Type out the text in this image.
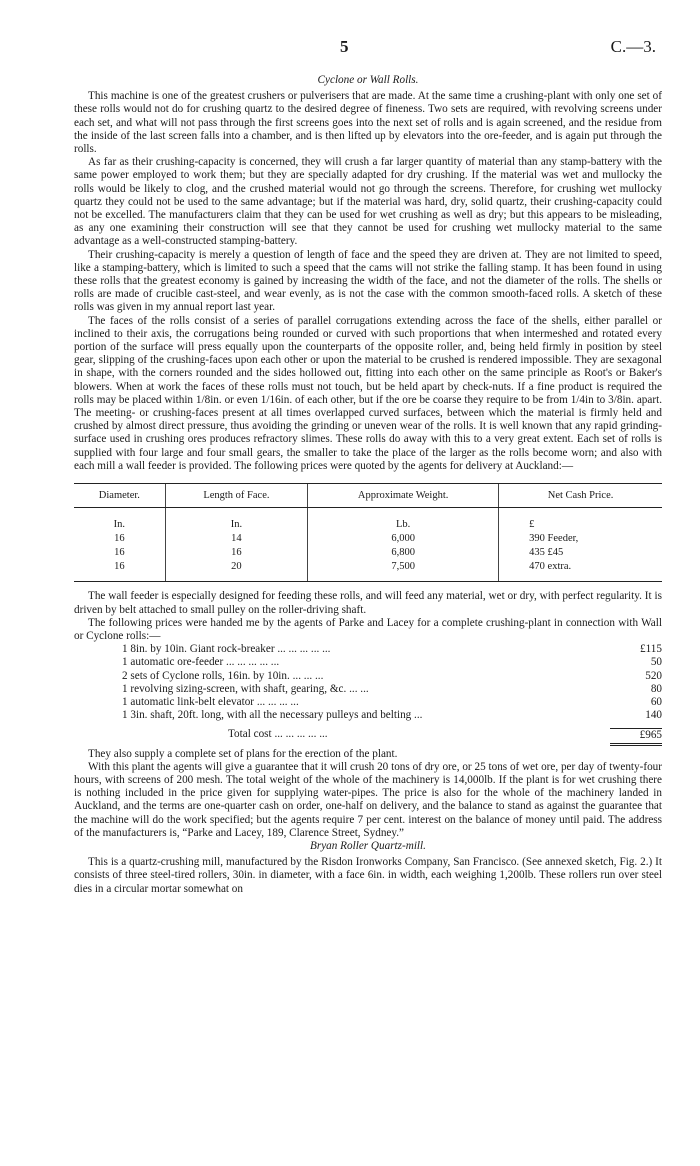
5	C.—3.

Cyclone or Wall Rolls.

This machine is one of the greatest crushers or pulverisers that are made. At the same time a crushing-plant with only one set of these rolls would not do for crushing quartz to the desired degree of fineness. Two sets are required, with revolving screens under each set, and what will not pass through the first screens goes into the next set of rolls and is again screened, and the residue from the inside of the last screen falls into a chamber, and is then lifted up by elevators into the ore-feeder, and is again put through the rolls.

As far as their crushing-capacity is concerned, they will crush a far larger quantity of material than any stamp-battery with the same power employed to work them; but they are specially adapted for dry crushing. If the material was wet and mullocky the rolls would be likely to clog, and the crushed material would not go through the screens. Therefore, for crushing wet mullocky quartz they could not be used to the same advantage; but if the material was hard, dry, solid quartz, their crushing-capacity could not be excelled. The manufacturers claim that they can be used for wet crushing as well as dry; but this appears to be misleading, as any one examining their construction will see that they cannot be used for crushing wet mullocky material to the same advantage as a well-constructed stamping-battery.

Their crushing-capacity is merely a question of length of face and the speed they are driven at. They are not limited to speed, like a stamping-battery, which is limited to such a speed that the cams will not strike the falling stamp. It has been found in using these rolls that the greatest economy is gained by increasing the width of the face, and not the diameter of the rolls. The shells or rolls are made of crucible cast-steel, and wear evenly, as is not the case with the common smooth-faced rolls. A sketch of these rolls was given in my annual report last year.

The faces of the rolls consist of a series of parallel corrugations extending across the face of the shells, either parallel or inclined to their axis, the corrugations being rounded or curved with such proportions that when intermeshed and rotated every portion of the surface will press equally upon the counterparts of the opposite roller, and, being held firmly in position by steel gear, slipping of the crushing-faces upon each other or upon the material to be crushed is rendered impossible. They are sexagonal in shape, with the corners rounded and the sides hollowed out, fitting into each other on the same principle as Root's or Baker's blowers. When at work the faces of these rolls must not touch, but be held apart by check-nuts. If a fine product is required the rolls may be placed within 1/8in. or even 1/16in. of each other, but if the ore be coarse they require to be from 1/4in to 3/8in. apart. The meeting- or crushing-faces present at all times overlapped curved surfaces, between which the material is firmly held and crushed by almost direct pressure, thus avoiding the grinding or uneven wear of the rolls. It is well known that any rapid grinding-surface used in crushing ores produces refractory slimes. These rolls do away with this to a very great extent. Each set of rolls is supplied with four large and four small gears, the smaller to take the place of the larger as the rolls become worn; and also with each mill a wall feeder is provided. The following prices were quoted by the agents for delivery at Auckland:—

Diameter.	Length of Face.	Approximate Weight.	Net Cash Price.

In.	In.	Lb.	£
16	14	6,000	390 Feeder,
16	16	6,800	435 £45
16	20	7,500	470 extra.

The wall feeder is especially designed for feeding these rolls, and will feed any material, wet or dry, with perfect regularity. It is driven by belt attached to small pulley on the roller-driving shaft.

The following prices were handed me by the agents of Parke and Lacey for a complete crushing-plant in connection with Wall or Cyclone rolls:—

1 8in. by 10in. Giant rock-breaker ... ... ... ... ...	£115
1 automatic ore-feeder ... ... ... ... ...	50
2 sets of Cyclone rolls, 16in. by 10in. ... ... ...	520
1 revolving sizing-screen, with shaft, gearing, &c. ... ...	80
1 automatic link-belt elevator ... ... ... ...	60
1 3in. shaft, 20ft. long, with all the necessary pulleys and belting ...	140
Total cost ... ... ... ... ...	£965

They also supply a complete set of plans for the erection of the plant.

With this plant the agents will give a guarantee that it will crush 20 tons of dry ore, or 25 tons of wet ore, per day of twenty-four hours, with screens of 200 mesh. The total weight of the whole of the machinery is 14,000lb. If the plant is for wet crushing there is nothing included in the price given for supplying water-pipes. The price is also for the whole of the machinery landed in Auckland, and the terms are one-quarter cash on order, one-half on delivery, and the balance to stand as against the guarantee that the machine will do the work specified; but the agents require 7 per cent. interest on the balance of money until paid. The address of the manufacturers is, “Parke and Lacey, 189, Clarence Street, Sydney.”

Bryan Roller Quartz-mill.

This is a quartz-crushing mill, manufactured by the Risdon Ironworks Company, San Francisco. (See annexed sketch, Fig. 2.) It consists of three steel-tired rollers, 30in. in diameter, with a face 6in. in width, each weighing 1,200lb. These rollers run over steel dies in a circular mortar somewhat on
